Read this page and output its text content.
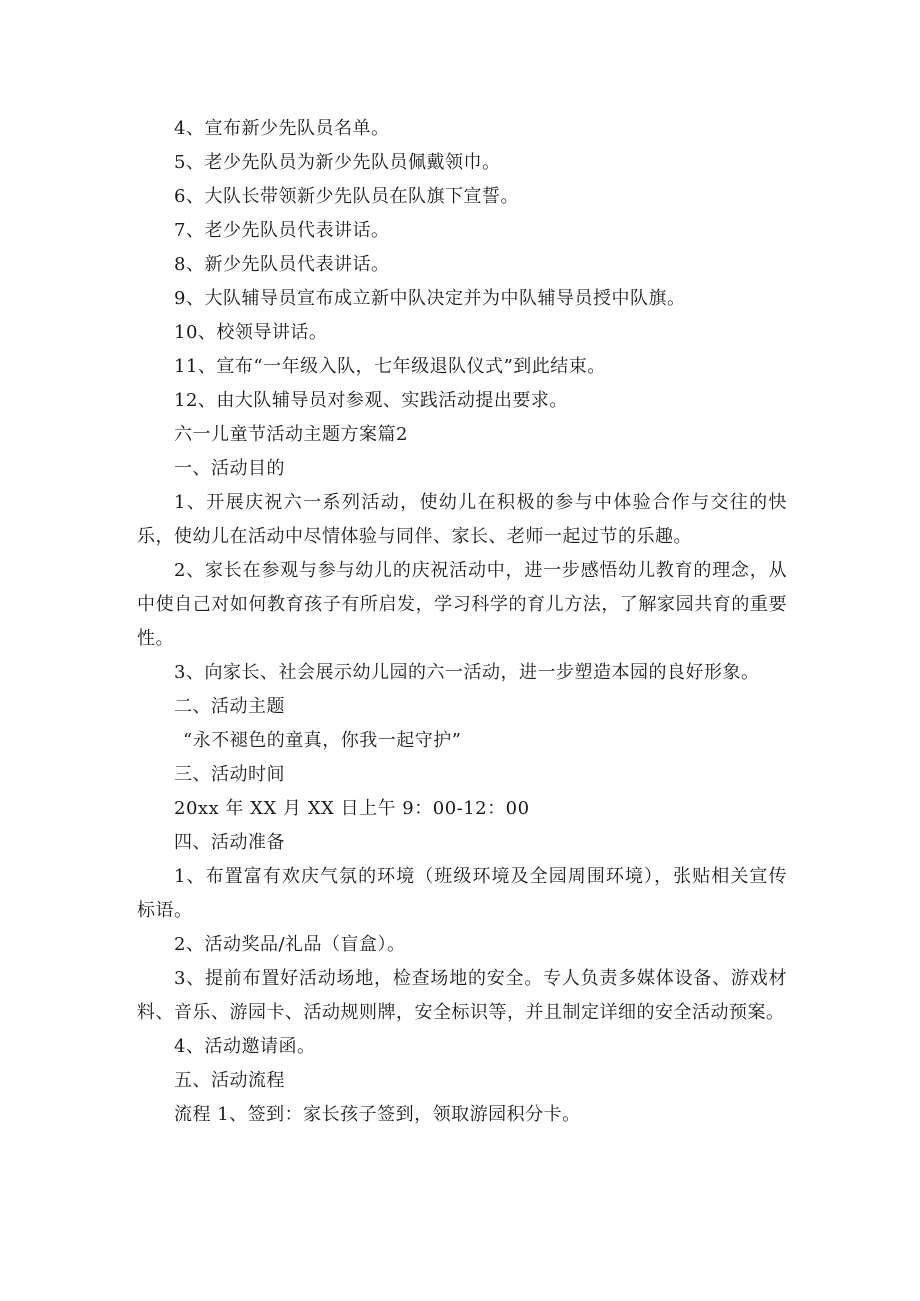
4、宣布新少先队员名单。
5、老少先队员为新少先队员佩戴领巾。
6、大队长带领新少先队员在队旗下宣誓。
7、老少先队员代表讲话。
8、新少先队员代表讲话。
9、大队辅导员宣布成立新中队决定并为中队辅导员授中队旗。
10、校领导讲话。
11、宣布“一年级入队，七年级退队仪式”到此结束。
12、由大队辅导员对参观、实践活动提出要求。
六一儿童节活动主题方案篇2
一、活动目的
1、开展庆祝六一系列活动，使幼儿在积极的参与中体验合作与交往的快乐，使幼儿在活动中尽情体验与同伴、家长、老师一起过节的乐趣。
2、家长在参观与参与幼儿的庆祝活动中，进一步感悟幼儿教育的理念，从中使自己对如何教育孩子有所启发，学习科学的育儿方法，了解家园共育的重要性。
3、向家长、社会展示幼儿园的六一活动，进一步塑造本园的良好形象。
二、活动主题
“永不褪色的童真，你我一起守护”
三、活动时间
20xx 年 XX 月 XX 日上午 9：00-12：00
四、活动准备
1、布置富有欢庆气氛的环境（班级环境及全园周围环境），张贴相关宣传标语。
2、活动奖品/礼品（盲盒）。
3、提前布置好活动场地，检查场地的安全。专人负责多媒体设备、游戏材料、音乐、游园卡、活动规则牌，安全标识等，并且制定详细的安全活动预案。
4、活动邀请函。
五、活动流程
流程 1、签到：家长孩子签到，领取游园积分卡。
